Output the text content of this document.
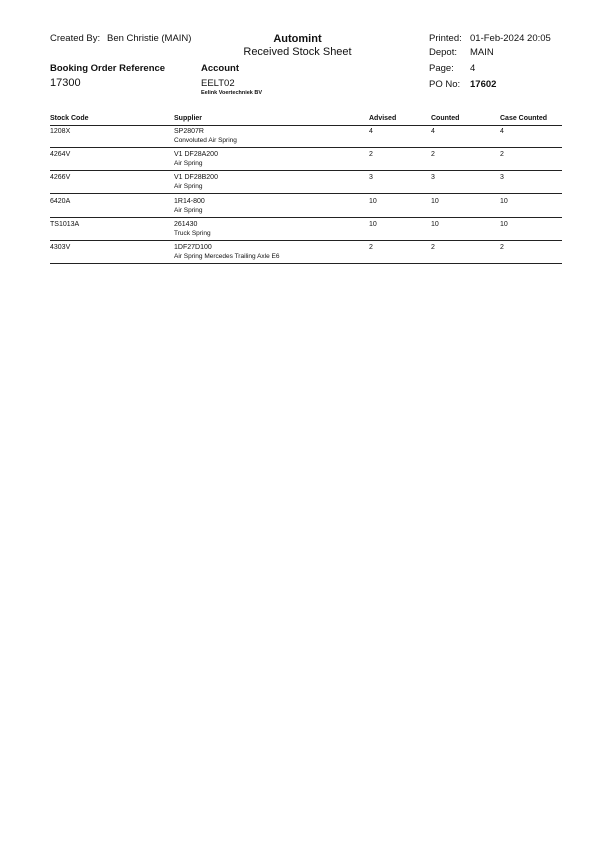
Created By: Ben Christie (MAIN)	Automint
Received Stock Sheet
Printed: 01-Feb-2024 20:05
Depot: MAIN
Booking Order Reference
17300
Account
EELT02
Eelink Voertechniek BV
Page: 4
PO No: 17602
Stock Code	Supplier	Advised	Counted	Case Counted
1208X	SP2807R	4	4	4
Convoluted Air Spring
4264V	V1 DF28A200	2	2	2
Air Spring
4266V	V1 DF28B200	3	3	3
Air Spring
6420A	1R14-800	10	10	10
Air Spring
TS1013A	261430	10	10	10
Truck Spring
4303V	1DF27D100	2	2	2
Air Spring Mercedes Trailing Axle E6
